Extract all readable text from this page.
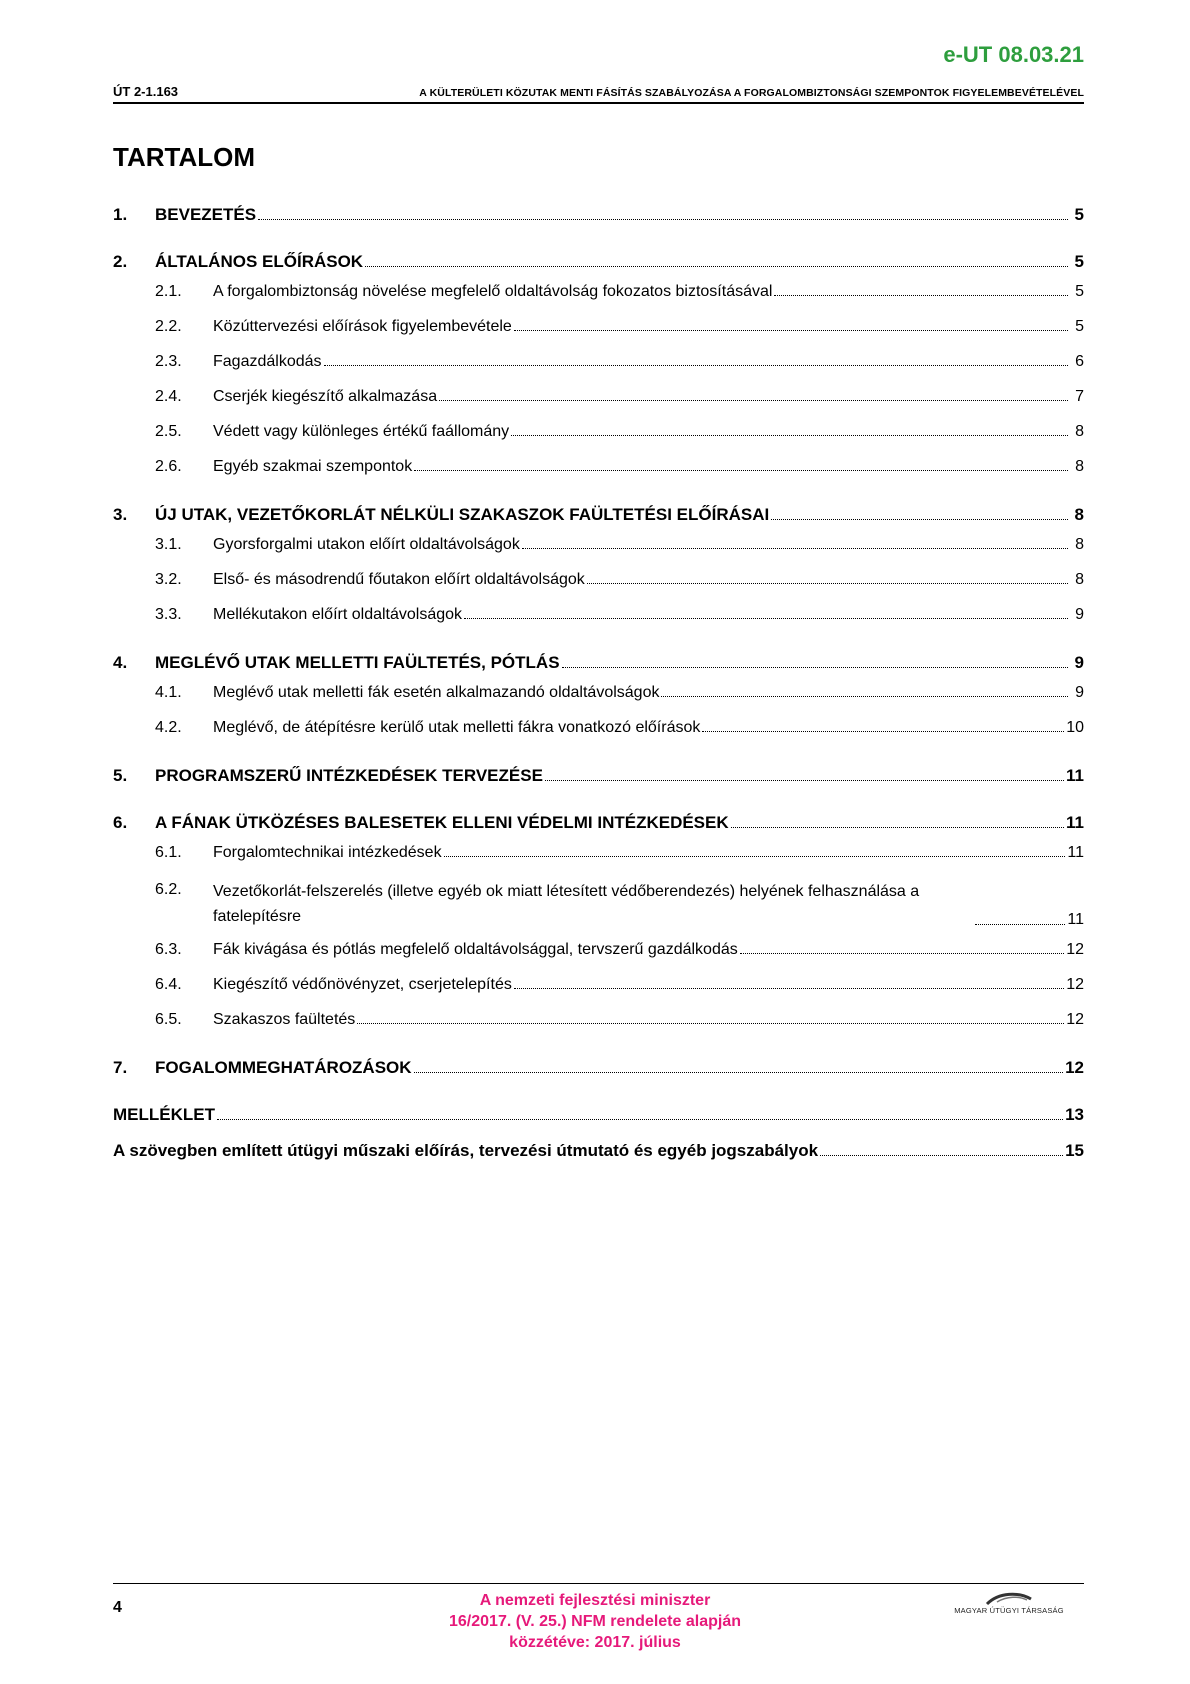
e-UT 08.03.21
ÚT 2-1.163	A KÜLTERÜLETI KÖZUTAK MENTI FÁSÍTÁS SZABÁLYOZÁSA A FORGALOMBIZTONSÁGI SZEMPONTOK FIGYELEMBEVÉTELÉVEL
TARTALOM
1.	BEVEZETÉS	5
2.	ÁLTALÁNOS ELŐÍRÁSOK	5
2.1.	A forgalombiztonság növelése megfelelő oldaltávolság fokozatos biztosításával	5
2.2.	Közúttervezési előírások figyelembevétele	5
2.3.	Fagazdálkodás	6
2.4.	Cserjék kiegészítő alkalmazása	7
2.5.	Védett vagy különleges értékű faállomány	8
2.6.	Egyéb szakmai szempontok	8
3.	ÚJ UTAK, VEZETŐKORLÁT NÉLKÜLI SZAKASZOK FAÜLTETÉSI ELŐÍRÁSAI	8
3.1.	Gyorsforgalmi utakon előírt oldaltávolságok	8
3.2.	Első- és másodrendű főutakon előírt oldaltávolságok	8
3.3.	Mellékutakon előírt oldaltávolságok	9
4.	MEGLÉVŐ UTAK MELLETTI FAÜLTETÉS, PÓTLÁS	9
4.1.	Meglévő utak melletti fák esetén alkalmazandó oldaltávolságok	9
4.2.	Meglévő, de átépítésre kerülő utak melletti fákra vonatkozó előírások	10
5.	PROGRAMSZERŰ INTÉZKEDÉSEK TERVEZÉSE	11
6.	A FÁNAK ÜTKÖZÉSES BALESETEK ELLENI VÉDELMI INTÉZKEDÉSEK	11
6.1.	Forgalomtechnikai intézkedések	11
6.2.	Vezetőkorlát-felszerelés (illetve egyéb ok miatt létesített védőberendezés) helyének felhasználása a fatelepítésre	11
6.3.	Fák kivágása és pótlás megfelelő oldaltávolsággal, tervszerű gazdálkodás	12
6.4.	Kiegészítő védőnövényzet, cserjetelepítés	12
6.5.	Szakaszos faültetés	12
7.	FOGALOMMEGHATÁROZÁSOK	12
MELLÉKLET	13
A szövegben említett útügyi műszaki előírás, tervezési útmutató és egyéb jogszabályok	15
4	A nemzeti fejlesztési miniszter
16/2017. (V. 25.) NFM rendelete alapján
közzétéve: 2017. július
MAGYAR ÚTÜGYI TÁRSASÁG
